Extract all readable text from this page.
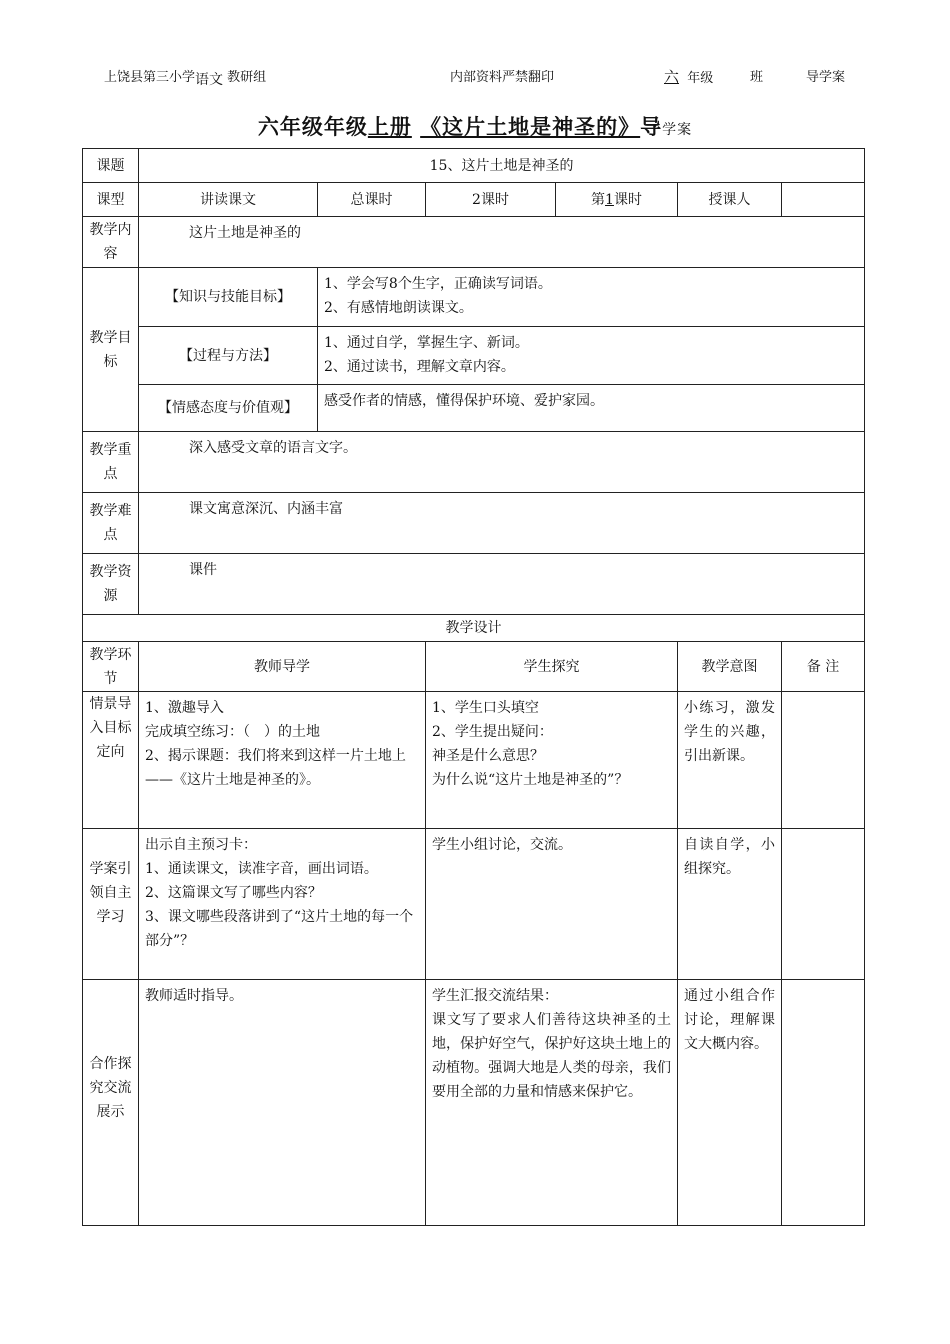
上饶县第三小学语文 教研组	内部资料严禁翻印	六 年级	班	导学案
六年级年级上册 《这片土地是神圣的》导学案
课题	15、这片土地是神圣的					
课型	讲读课文	总课时	2课时	第1课时	授课人	
教学内容	这片土地是神圣的					
教学目标	【知识与技能目标】	1、学会写8个生字，正确读写词语。
2、有感情地朗读课文。				

	【过程与方法】	1、通过自学，掌握生字、新词。
2、通过读书，理解文章内容。				

	【情感态度与价值观】	感受作者的情感，懂得保护环境、爱护家园。				
教学重点	深入感受文章的语言文字。					
教学难点	课文寓意深沉、内涵丰富					
教学资源	课件					
教学设计						
教学环节	教师导学		学生探究		教学意图	备 注
情景导入目标定向	1、激趣导入
完成填空练习：（　）的土地
2、揭示课题：我们将来到这样一片土地上——《这片土地是神圣的》。		1、学生口头填空
2、学生提出疑问：
神圣是什么意思？
为什么说“这片土地是神圣的”？		小练习，激发学生的兴趣，引出新课。	
学案引领自主学习	出示自主预习卡：
1、通读课文，读准字音，画出词语。
2、这篇课文写了哪些内容？
3、课文哪些段落讲到了“这片土地的每一个部分”？		学生小组讨论，交流。		自读自学，小组探究。	
合作探究交流展示	教师适时指导。		学生汇报交流结果：
课文写了要求人们善待这块神圣的土地，保护好空气，保护好这块土地上的动植物。强调大地是人类的母亲，我们要用全部的力量和情感来保护它。		通过小组合作讨论，理解课文大概内容。	
